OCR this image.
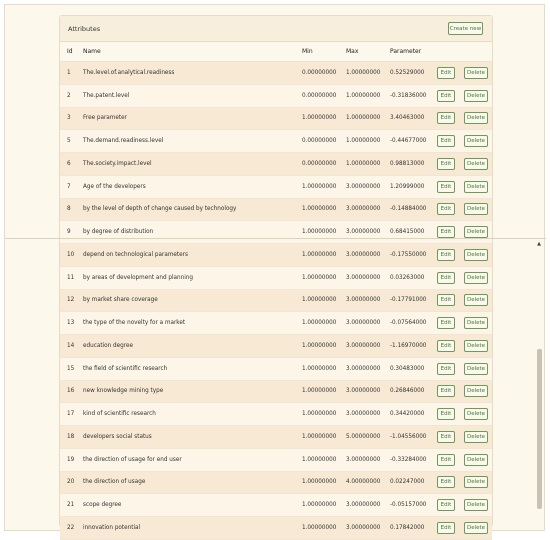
Attributes	Create new
Id	Name	Min	Max	Parameter
1	The.level.of.analytical.readiness	0.00000000	1.00000000	0.52529000	Edit	Delete
2	The.patent.level	0.00000000	1.00000000	-0.31836000	Edit	Delete
3	Free parameter	1.00000000	1.00000000	3.40463000	Edit	Delete
5	The.demand.readiness.level	0.00000000	1.00000000	-0.44677000	Edit	Delete
6	The.society.impact.level	0.00000000	1.00000000	0.98813000	Edit	Delete
7	Age of the developers	1.00000000	3.00000000	1.20999000	Edit	Delete
8	by the level of depth of change caused by technology	1.00000000	3.00000000	-0.14884000	Edit	Delete
9	by degree of distribution	1.00000000	3.00000000	0.68415000	Edit	Delete
10	depend on technological parameters	1.00000000	3.00000000	-0.17550000	Edit	Delete
11	by areas of development and planning	1.00000000	3.00000000	0.03263000	Edit	Delete
12	by market share coverage	1.00000000	3.00000000	-0.17791000	Edit	Delete
13	the type of the novelty for a market	1.00000000	3.00000000	-0.07564000	Edit	Delete
14	education degree	1.00000000	3.00000000	-1.16970000	Edit	Delete
15	the field of scientific research	1.00000000	3.00000000	0.30483000	Edit	Delete
16	new knowledge mining type	1.00000000	3.00000000	0.26846000	Edit	Delete
17	kind of scientific research	1.00000000	3.00000000	0.34420000	Edit	Delete
18	developers social status	1.00000000	5.00000000	-1.04556000	Edit	Delete
19	the direction of usage for end user	1.00000000	3.00000000	-0.33284000	Edit	Delete
20	the direction of usage	1.00000000	4.00000000	0.02247000	Edit	Delete
21	scope degree	1.00000000	3.00000000	-0.05157000	Edit	Delete
22	innovation potential	1.00000000	3.00000000	0.17842000	Edit	Delete
▲
